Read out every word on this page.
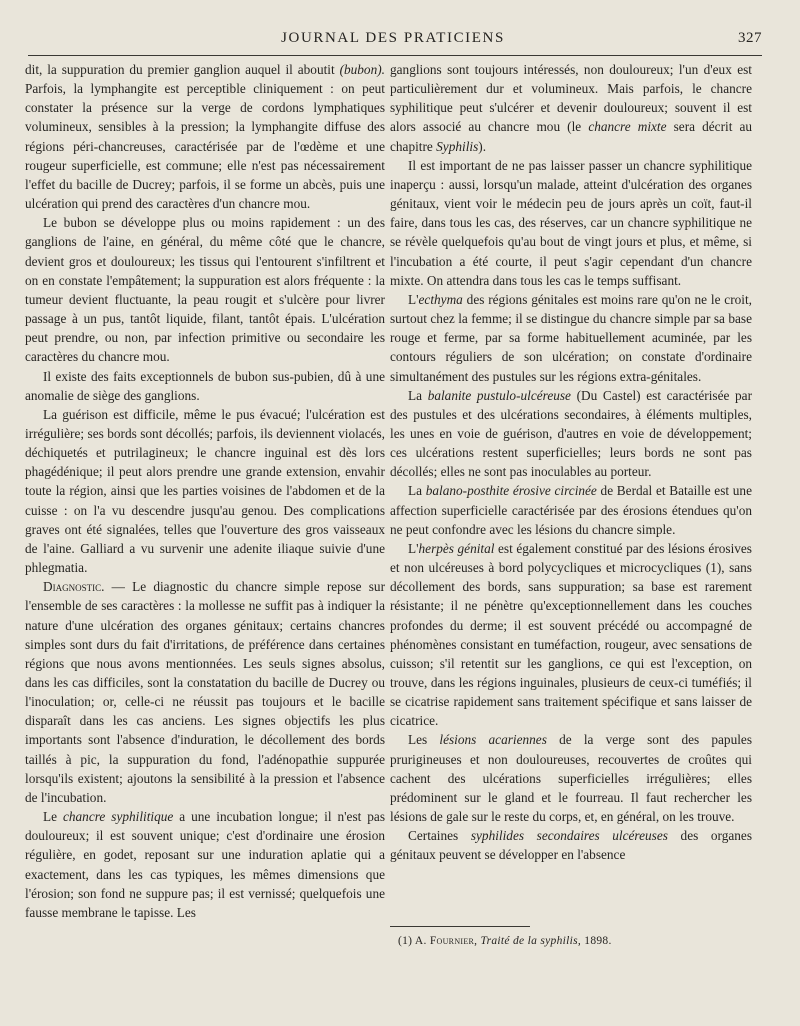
JOURNAL DES PRATICIENS	327

dit, la suppuration du premier ganglion auquel il aboutit (bubon). Parfois, la lymphangite est perceptible cliniquement : on peut constater la présence sur la verge de cordons lymphatiques volumineux, sensibles à la pression; la lymphangite diffuse des régions péri-chancreuses, caractérisée par de l'œdème et une rougeur superficielle, est commune; elle n'est pas nécessairement l'effet du bacille de Ducrey; parfois, il se forme un abcès, puis une ulcération qui prend des caractères d'un chancre mou.

Le bubon se développe plus ou moins rapidement : un des ganglions de l'aine, en général, du même côté que le chancre, devient gros et douloureux; les tissus qui l'entourent s'infiltrent et on en constate l'empâtement; la suppuration est alors fréquente : la tumeur devient fluctuante, la peau rougit et s'ulcère pour livrer passage à un pus, tantôt liquide, filant, tantôt épais. L'ulcération peut prendre, ou non, par infection primitive ou secondaire les caractères du chancre mou.

Il existe des faits exceptionnels de bubon sus-pubien, dû à une anomalie de siège des ganglions.

La guérison est difficile, même le pus évacué; l'ulcération est irrégulière; ses bords sont décollés; parfois, ils deviennent violacés, déchiquetés et putrilagineux; le chancre inguinal est dès lors phagédénique; il peut alors prendre une grande extension, envahir toute la région, ainsi que les parties voisines de l'abdomen et de la cuisse : on l'a vu descendre jusqu'au genou. Des complications graves ont été signalées, telles que l'ouverture des gros vaisseaux de l'aine. Galliard a vu survenir une adenite iliaque suivie d'une phlegmatia.

Diagnostic. — Le diagnostic du chancre simple repose sur l'ensemble de ses caractères : la mollesse ne suffit pas à indiquer la nature d'une ulcération des organes génitaux; certains chancres simples sont durs du fait d'irritations, de préférence dans certaines régions que nous avons mentionnées. Les seuls signes absolus, dans les cas difficiles, sont la constatation du bacille de Ducrey ou l'inoculation; or, celle-ci ne réussit pas toujours et le bacille disparaît dans les cas anciens. Les signes objectifs les plus importants sont l'absence d'induration, le décollement des bords taillés à pic, la suppuration du fond, l'adénopathie suppurée lorsqu'ils existent; ajoutons la sensibilité à la pression et l'absence de l'incubation.

Le chancre syphilitique a une incubation longue; il n'est pas douloureux; il est souvent unique; c'est d'ordinaire une érosion régulière, en godet, reposant sur une induration aplatie qui a exactement, dans les cas typiques, les mêmes dimensions que l'érosion; son fond ne suppure pas; il est vernissé; quelquefois une fausse membrane le tapisse. Les

ganglions sont toujours intéressés, non douloureux; l'un d'eux est particulièrement dur et volumineux. Mais parfois, le chancre syphilitique peut s'ulcérer et devenir douloureux; souvent il est alors associé au chancre mou (le chancre mixte sera décrit au chapitre Syphilis).

Il est important de ne pas laisser passer un chancre syphilitique inaperçu : aussi, lorsqu'un malade, atteint d'ulcération des organes génitaux, vient voir le médecin peu de jours après un coït, faut-il faire, dans tous les cas, des réserves, car un chancre syphilitique ne se révèle quelquefois qu'au bout de vingt jours et plus, et même, si l'incubation a été courte, il peut s'agir cependant d'un chancre mixte. On attendra dans tous les cas le temps suffisant.

L'ecthyma des régions génitales est moins rare qu'on ne le croit, surtout chez la femme; il se distingue du chancre simple par sa base rouge et ferme, par sa forme habituellement acuminée, par les contours réguliers de son ulcération; on constate d'ordinaire simultanément des pustules sur les régions extra-génitales.

La balanite pustulo-ulcéreuse (Du Castel) est caractérisée par des pustules et des ulcérations secondaires, à éléments multiples, les unes en voie de guérison, d'autres en voie de développement; ces ulcérations restent superficielles; leurs bords ne sont pas décollés; elles ne sont pas inoculables au porteur.

La balano-posthite érosive circinée de Berdal et Bataille est une affection superficielle caractérisée par des érosions étendues qu'on ne peut confondre avec les lésions du chancre simple.

L'herpès génital est également constitué par des lésions érosives et non ulcéreuses à bord polycycliques et microcycliques (1), sans décollement des bords, sans suppuration; sa base est rarement résistante; il ne pénètre qu'exceptionnellement dans les couches profondes du derme; il est souvent précédé ou accompagné de phénomènes consistant en tuméfaction, rougeur, avec sensations de cuisson; s'il retentit sur les ganglions, ce qui est l'exception, on trouve, dans les régions inguinales, plusieurs de ceux-ci tuméfiés; il se cicatrise rapidement sans traitement spécifique et sans laisser de cicatrice.

Les lésions acariennes de la verge sont des papules prurigineuses et non douloureuses, recouvertes de croûtes qui cachent des ulcérations superficielles irrégulières; elles prédominent sur le gland et le fourreau. Il faut rechercher les lésions de gale sur le reste du corps, et, en général, on les trouve.

Certaines syphilides secondaires ulcéreuses des organes génitaux peuvent se développer en l'absence

(1) A. Fournier, Traité de la syphilis, 1898.
